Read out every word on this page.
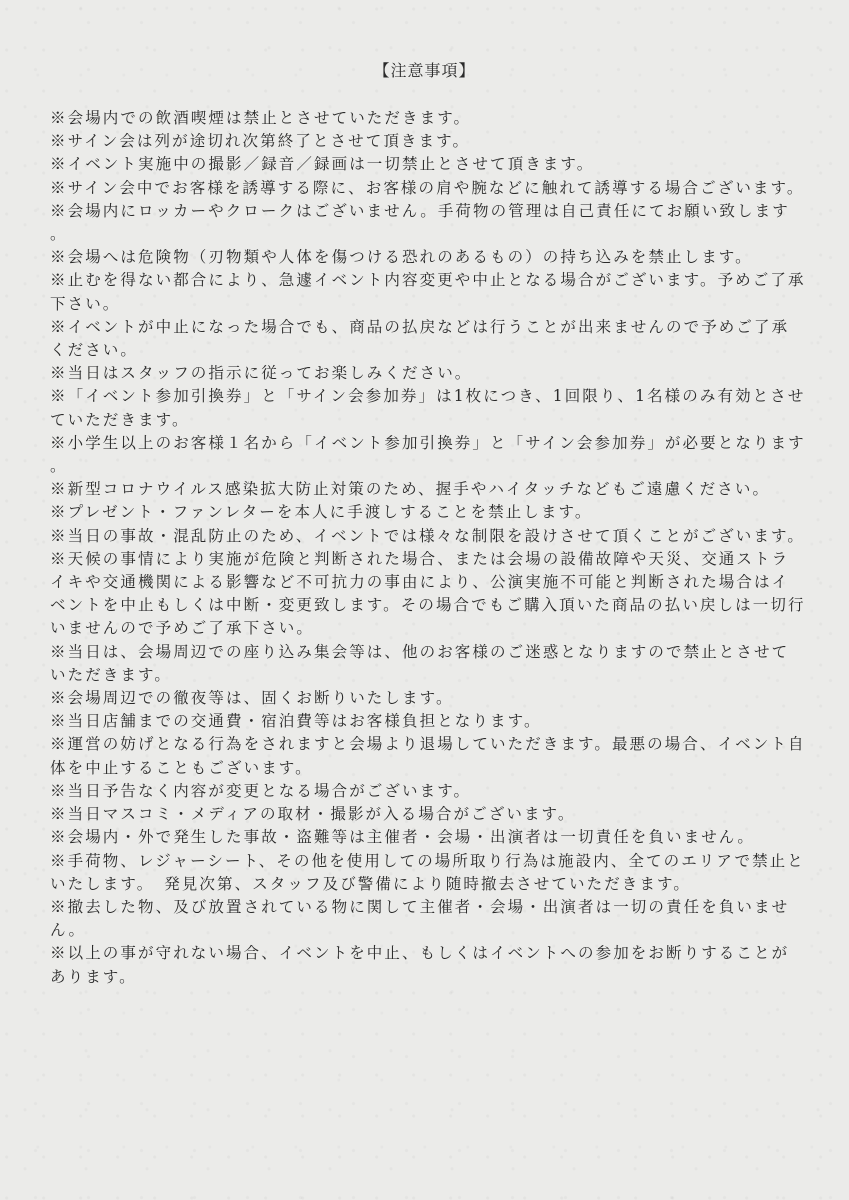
【注意事項】
※会場内での飲酒喫煙は禁止とさせていただきます。
※サイン会は列が途切れ次第終了とさせて頂きます。
※イベント実施中の撮影／録音／録画は一切禁止とさせて頂きます。
※サイン会中でお客様を誘導する際に、お客様の肩や腕などに触れて誘導する場合ございます。
※会場内にロッカーやクロークはございません。手荷物の管理は自己責任にてお願い致します。
※会場へは危険物（刃物類や人体を傷つける恐れのあるもの）の持ち込みを禁止します。
※止むを得ない都合により、急遽イベント内容変更や中止となる場合がございます。予めご了承下さい。
※イベントが中止になった場合でも、商品の払戻などは行うことが出来ませんので予めご了承ください。
※当日はスタッフの指示に従ってお楽しみください。
※「イベント参加引換券」と「サイン会参加券」は1枚につき、1回限り、1名様のみ有効とさせていただきます。
※小学生以上のお客様１名から「イベント参加引換券」と「サイン会参加券」が必要となります。
※新型コロナウイルス感染拡大防止対策のため、握手やハイタッチなどもご遠慮ください。
※プレゼント・ファンレターを本人に手渡しすることを禁止します。
※当日の事故・混乱防止のため、イベントでは様々な制限を設けさせて頂くことがございます。
※天候の事情により実施が危険と判断された場合、または会場の設備故障や天災、交通ストライキや交通機関による影響など不可抗力の事由により、公演実施不可能と判断された場合はイベントを中止もしくは中断・変更致します。その場合でもご購入頂いた商品の払い戻しは一切行いませんので予めご了承下さい。
※当日は、会場周辺での座り込み集会等は、他のお客様のご迷惑となりますので禁止とさせていただきます。
※会場周辺での徹夜等は、固くお断りいたします。
※当日店舗までの交通費・宿泊費等はお客様負担となります。
※運営の妨げとなる行為をされますと会場より退場していただきます。最悪の場合、イベント自体を中止することもございます。
※当日予告なく内容が変更となる場合がございます。
※当日マスコミ・メディアの取材・撮影が入る場合がございます。
※会場内・外で発生した事故・盗難等は主催者・会場・出演者は一切責任を負いません。
※手荷物、レジャーシート、その他を使用しての場所取り行為は施設内、全てのエリアで禁止といたします。　発見次第、スタッフ及び警備により随時撤去させていただきます。
※撤去した物、及び放置されている物に関して主催者・会場・出演者は一切の責任を負いません。
※以上の事が守れない場合、イベントを中止、もしくはイベントへの参加をお断りすることがあります。
